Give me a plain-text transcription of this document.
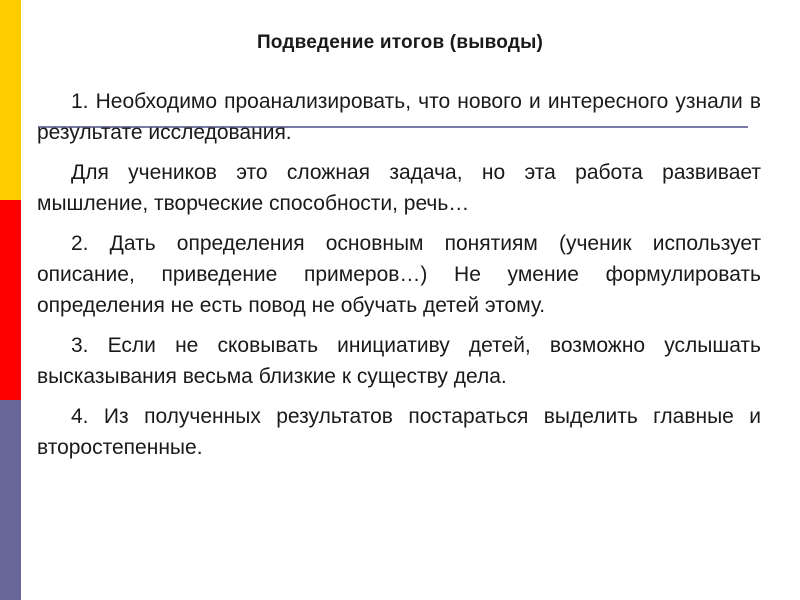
Подведение итогов (выводы)

1. Необходимо проанализировать, что нового и интересного узнали в результате исследования.

Для учеников это сложная задача, но эта работа развивает мышление, творческие способности, речь…

2. Дать определения основным понятиям (ученик использует описание, приведение примеров…) Не умение формулировать определения не есть повод не обучать детей этому.

3. Если не сковывать инициативу детей, возможно услышать высказывания весьма близкие к существу дела.

4. Из полученных результатов постараться выделить главные и второстепенные.
